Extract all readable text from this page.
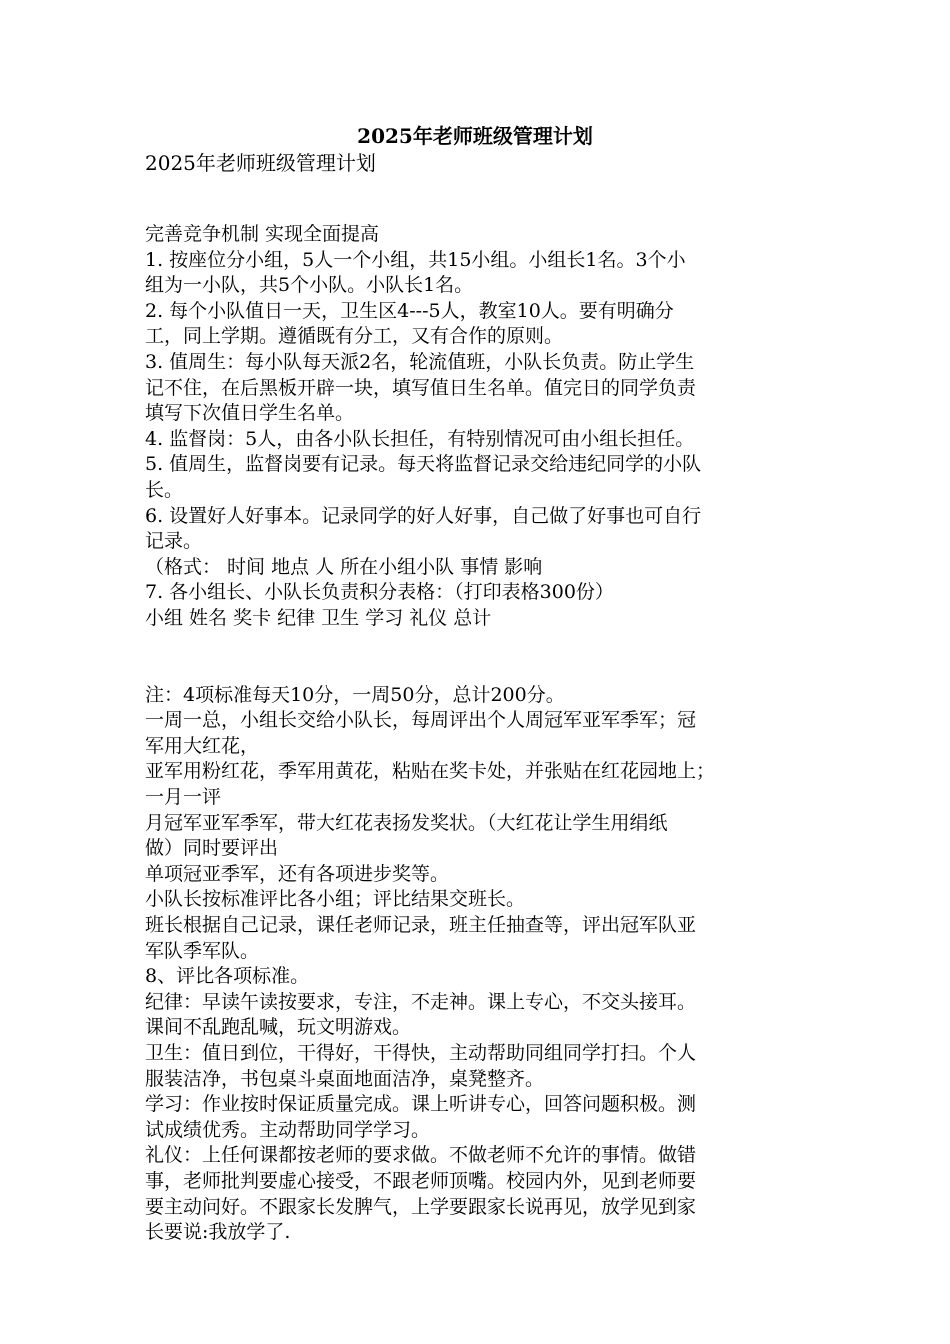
2025年老师班级管理计划
2025年老师班级管理计划

完善竞争机制 实现全面提高

1. 按座位分小组，5人一个小组，共15小组。小组长1名。3个小

组为一小队，共5个小队。小队长1名。

2. 每个小队值日一天，卫生区4---5人，教室10人。要有明确分

工，同上学期。遵循既有分工，又有合作的原则。

3. 值周生：每小队每天派2名，轮流值班，小队长负责。防止学生

记不住，在后黑板开辟一块，填写值日生名单。值完日的同学负责

填写下次值日学生名单。

4. 监督岗：5人，由各小队长担任，有特别情况可由小组长担任。

5. 值周生，监督岗要有记录。每天将监督记录交给违纪同学的小队

长。

6. 设置好人好事本。记录同学的好人好事，自己做了好事也可自行

记录。

（格式： 时间 地点 人 所在小组小队 事情 影响

7. 各小组长、小队长负责积分表格：（打印表格300份）

小组 姓名 奖卡 纪律 卫生 学习 礼仪 总计

注：4项标准每天10分，一周50分，总计200分。

一周一总，小组长交给小队长，每周评出个人周冠军亚军季军；冠

军用大红花，

亚军用粉红花，季军用黄花，粘贴在奖卡处，并张贴在红花园地上；

一月一评

月冠军亚军季军，带大红花表扬发奖状。（大红花让学生用绢纸

做）同时要评出

单项冠亚季军，还有各项进步奖等。

小队长按标准评比各小组；评比结果交班长。

班长根据自己记录，课任老师记录，班主任抽查等，评出冠军队亚

军队季军队。

8、评比各项标准。

纪律：早读午读按要求，专注，不走神。课上专心，不交头接耳。

课间不乱跑乱喊，玩文明游戏。

卫生：值日到位，干得好，干得快，主动帮助同组同学打扫。个人

服装洁净，书包桌斗桌面地面洁净，桌凳整齐。

学习：作业按时保证质量完成。课上听讲专心，回答问题积极。测

试成绩优秀。主动帮助同学学习。

礼仪：上任何课都按老师的要求做。不做老师不允许的事情。做错

事，老师批判要虚心接受，不跟老师顶嘴。校园内外，见到老师要

要主动问好。不跟家长发脾气，上学要跟家长说再见，放学见到家

长要说:我放学了.
